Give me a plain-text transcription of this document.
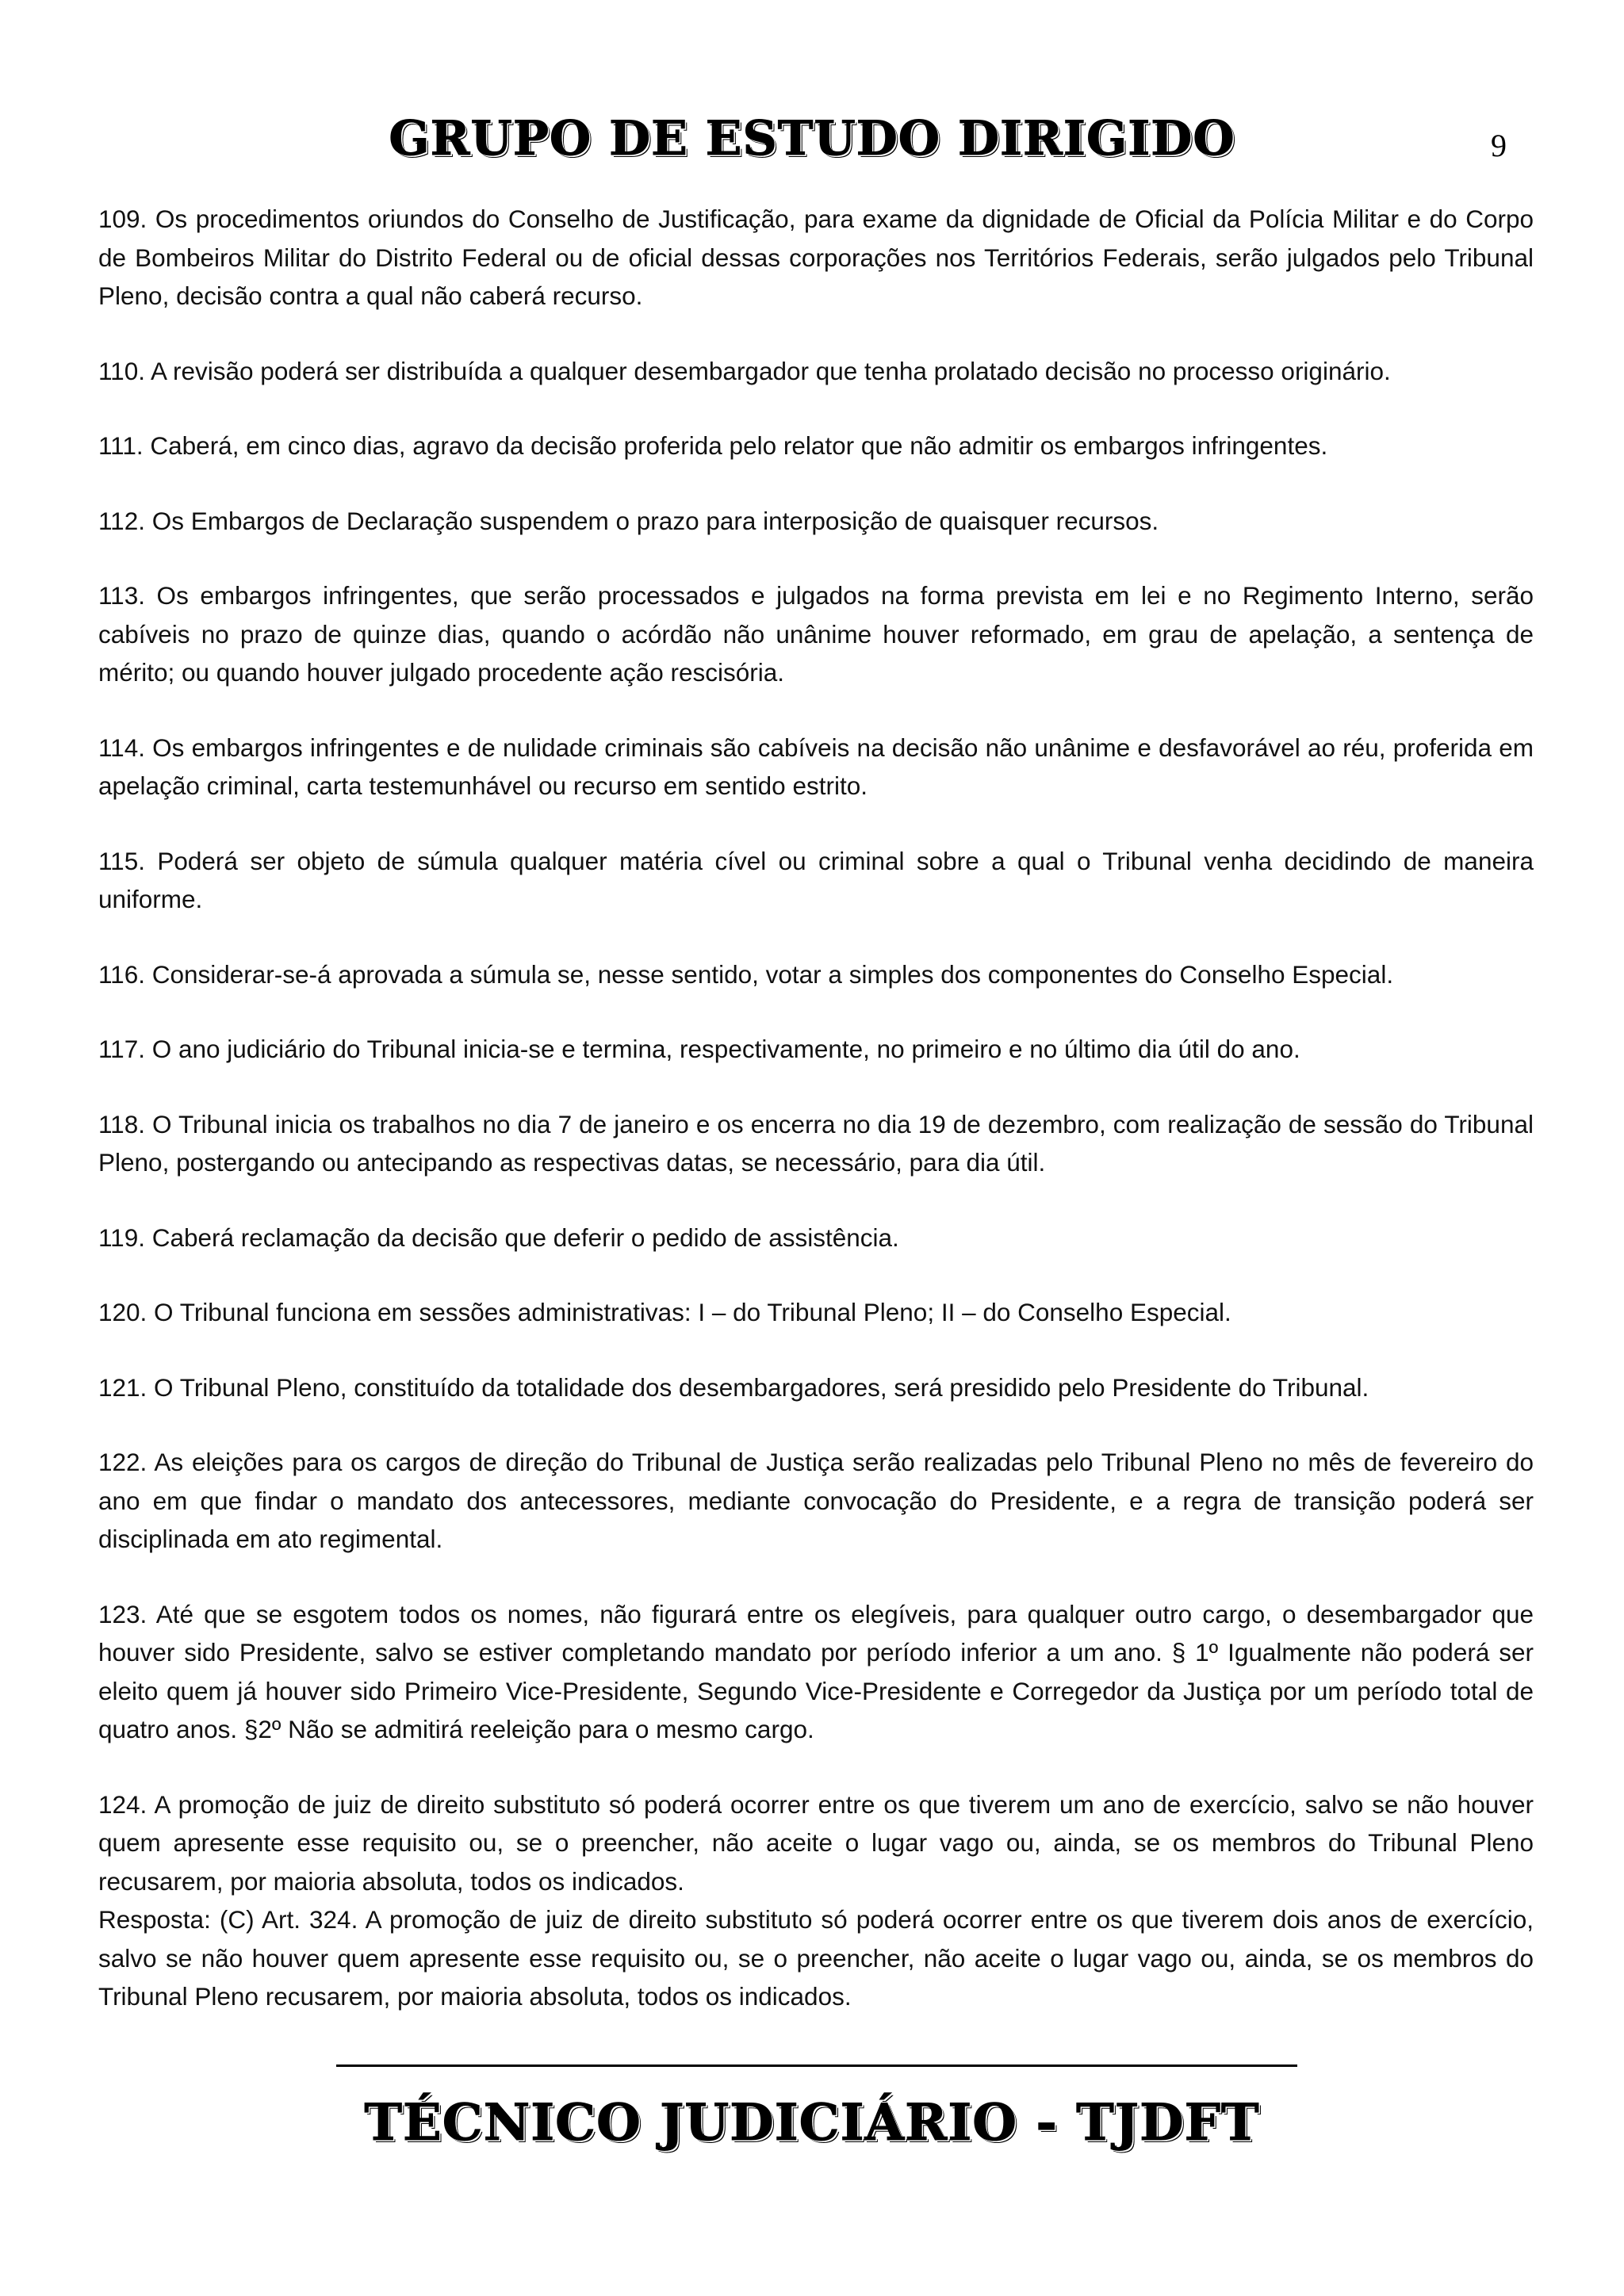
GRUPO DE ESTUDO DIRIGIDO	9

109. Os procedimentos oriundos do Conselho de Justificação, para exame da dignidade de Oficial da Polícia Militar e do Corpo de Bombeiros Militar do Distrito Federal ou de oficial dessas corporações nos Territórios Federais, serão julgados pelo Tribunal Pleno, decisão contra a qual não caberá recurso.

110. A revisão poderá ser distribuída a qualquer desembargador que tenha prolatado decisão no processo originário.

111. Caberá, em cinco dias, agravo da decisão proferida pelo relator que não admitir os embargos infringentes.

112. Os Embargos de Declaração suspendem o prazo para interposição de quaisquer recursos.

113. Os embargos infringentes, que serão processados e julgados na forma prevista em lei e no Regimento Interno, serão cabíveis no prazo de quinze dias, quando o acórdão não unânime houver reformado, em grau de apelação, a sentença de mérito; ou quando houver julgado procedente ação rescisória.

114. Os embargos infringentes e de nulidade criminais são cabíveis na decisão não unânime e desfavorável ao réu, proferida em apelação criminal, carta testemunhável ou recurso em sentido estrito.

115. Poderá ser objeto de súmula qualquer matéria cível ou criminal sobre a qual o Tribunal venha decidindo de maneira uniforme.

116. Considerar-se-á aprovada a súmula se, nesse sentido, votar a simples dos componentes do Conselho Especial.

117. O ano judiciário do Tribunal inicia-se e termina, respectivamente, no primeiro e no último dia útil do ano.

118. O Tribunal inicia os trabalhos no dia 7 de janeiro e os encerra no dia 19 de dezembro, com realização de sessão do Tribunal Pleno, postergando ou antecipando as respectivas datas, se necessário, para dia útil.

119. Caberá reclamação da decisão que deferir o pedido de assistência.

120. O Tribunal funciona em sessões administrativas: I – do Tribunal Pleno; II – do Conselho Especial.

121. O Tribunal Pleno, constituído da totalidade dos desembargadores, será presidido pelo Presidente do Tribunal.

122. As eleições para os cargos de direção do Tribunal de Justiça serão realizadas pelo Tribunal Pleno no mês de fevereiro do ano em que findar o mandato dos antecessores, mediante convocação do Presidente, e a regra de transição poderá ser disciplinada em ato regimental.

123. Até que se esgotem todos os nomes, não figurará entre os elegíveis, para qualquer outro cargo, o desembargador que houver sido Presidente, salvo se estiver completando mandato por período inferior a um ano. § 1º Igualmente não poderá ser eleito quem já houver sido Primeiro Vice-Presidente, Segundo Vice-Presidente e Corregedor da Justiça por um período total de quatro anos. §2º Não se admitirá reeleição para o mesmo cargo.

124. A promoção de juiz de direito substituto só poderá ocorrer entre os que tiverem um ano de exercício, salvo se não houver quem apresente esse requisito ou, se o preencher, não aceite o lugar vago ou, ainda, se os membros do Tribunal Pleno recusarem, por maioria absoluta, todos os indicados.

Resposta: (C) Art. 324. A promoção de juiz de direito substituto só poderá ocorrer entre os que tiverem dois anos de exercício, salvo se não houver quem apresente esse requisito ou, se o preencher, não aceite o lugar vago ou, ainda, se os membros do Tribunal Pleno recusarem, por maioria absoluta, todos os indicados.

TÉCNICO JUDICIÁRIO - TJDFT
